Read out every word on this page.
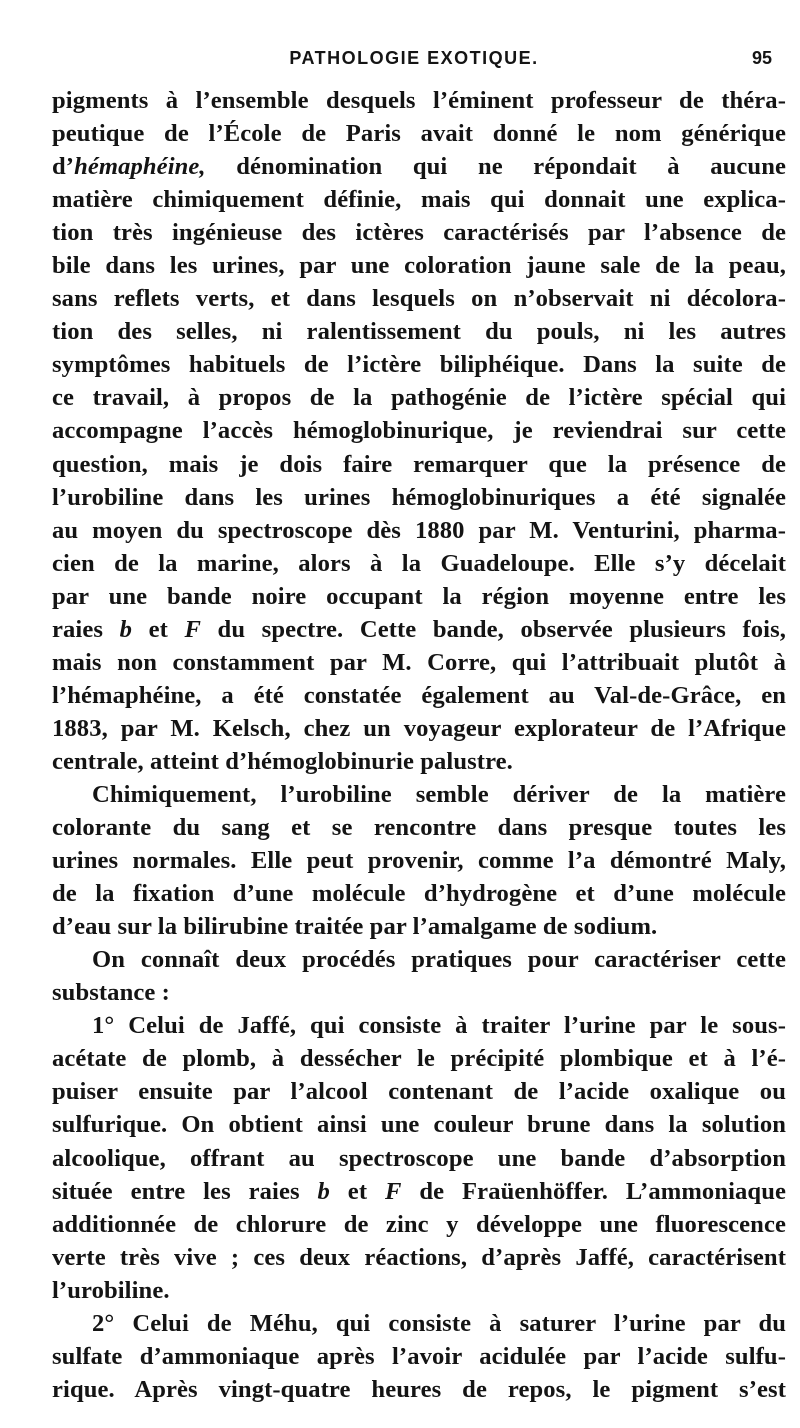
PATHOLOGIE EXOTIQUE.	95
pigments à l’ensemble desquels l’éminent professeur de théra-
peutique de l’École de Paris avait donné le nom générique
d’hémaphéine, dénomination qui ne répondait à aucune
matière chimiquement définie, mais qui donnait une explica-
tion très ingénieuse des ictères caractérisés par l’absence de
bile dans les urines, par une coloration jaune sale de la peau,
sans reflets verts, et dans lesquels on n’observait ni décolora-
tion des selles, ni ralentissement du pouls, ni les autres
symptômes habituels de l’ictère biliphéique. Dans la suite de
ce travail, à propos de la pathogénie de l’ictère spécial qui
accompagne l’accès hémoglobinurique, je reviendrai sur cette
question, mais je dois faire remarquer que la présence de
l’urobiline dans les urines hémoglobinuriques a été signalée
au moyen du spectroscope dès 1880 par M. Venturini, pharma-
cien de la marine, alors à la Guadeloupe. Elle s’y décelait
par une bande noire occupant la région moyenne entre les
raies b et F du spectre. Cette bande, observée plusieurs fois,
mais non constamment par M. Corre, qui l’attribuait plutôt à
l’hémaphéine, a été constatée également au Val-de-Grâce, en
1883, par M. Kelsch, chez un voyageur explorateur de l’Afrique
centrale, atteint d’hémoglobinurie palustre.
Chimiquement, l’urobiline semble dériver de la matière
colorante du sang et se rencontre dans presque toutes les
urines normales. Elle peut provenir, comme l’a démontré Maly,
de la fixation d’une molécule d’hydrogène et d’une molécule
d’eau sur la bilirubine traitée par l’amalgame de sodium.
On connaît deux procédés pratiques pour caractériser cette
substance :
1° Celui de Jaffé, qui consiste à traiter l’urine par le sous-
acétate de plomb, à dessécher le précipité plombique et à l’é-
puiser ensuite par l’alcool contenant de l’acide oxalique ou
sulfurique. On obtient ainsi une couleur brune dans la solution
alcoolique, offrant au spectroscope une bande d’absorption
située entre les raies b et F de Fraüenhöffer. L’ammoniaque
additionnée de chlorure de zinc y développe une fluorescence
verte très vive ; ces deux réactions, d’après Jaffé, caractérisent
l’urobiline.
2° Celui de Méhu, qui consiste à saturer l’urine par du
sulfate d’ammoniaque après l’avoir acidulée par l’acide sulfu-
rique. Après vingt-quatre heures de repos, le pigment s’est
